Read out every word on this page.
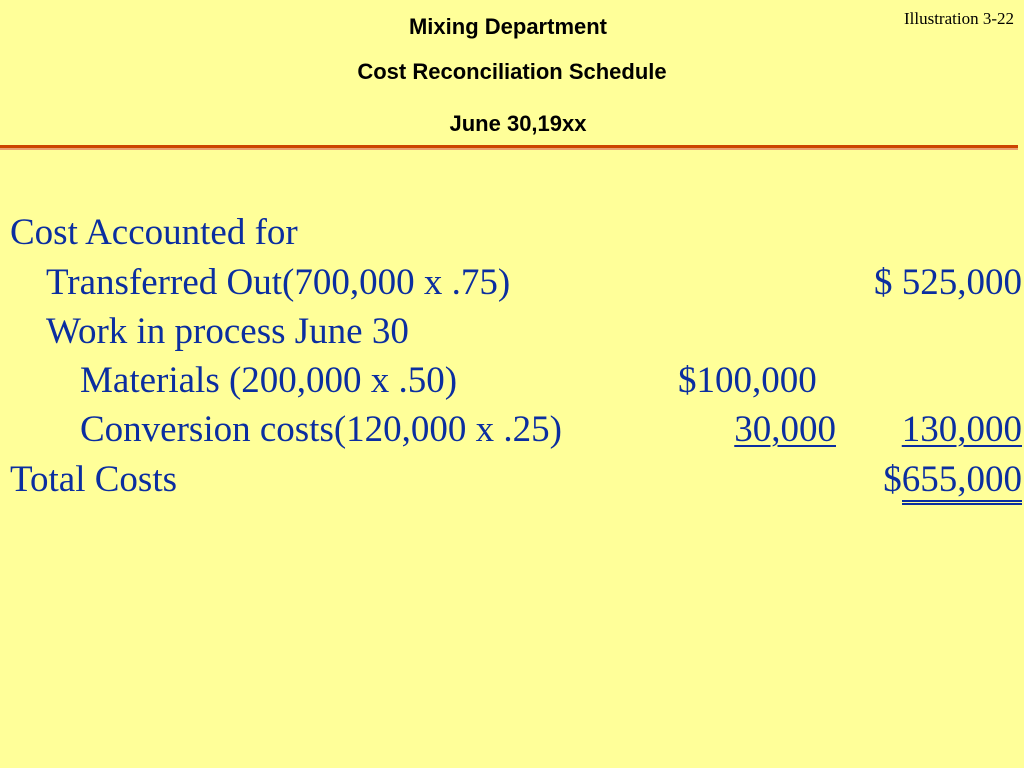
Mixing Department
Cost Reconciliation Schedule
June 30,19xx
Illustration 3-22
Cost Accounted for
Transferred Out(700,000 x .75)	$ 525,000
Work in process June 30
Materials (200,000 x .50)	$100,000
Conversion costs(120,000 x .25)	30,000 130,000
Total Costs	$655,000
